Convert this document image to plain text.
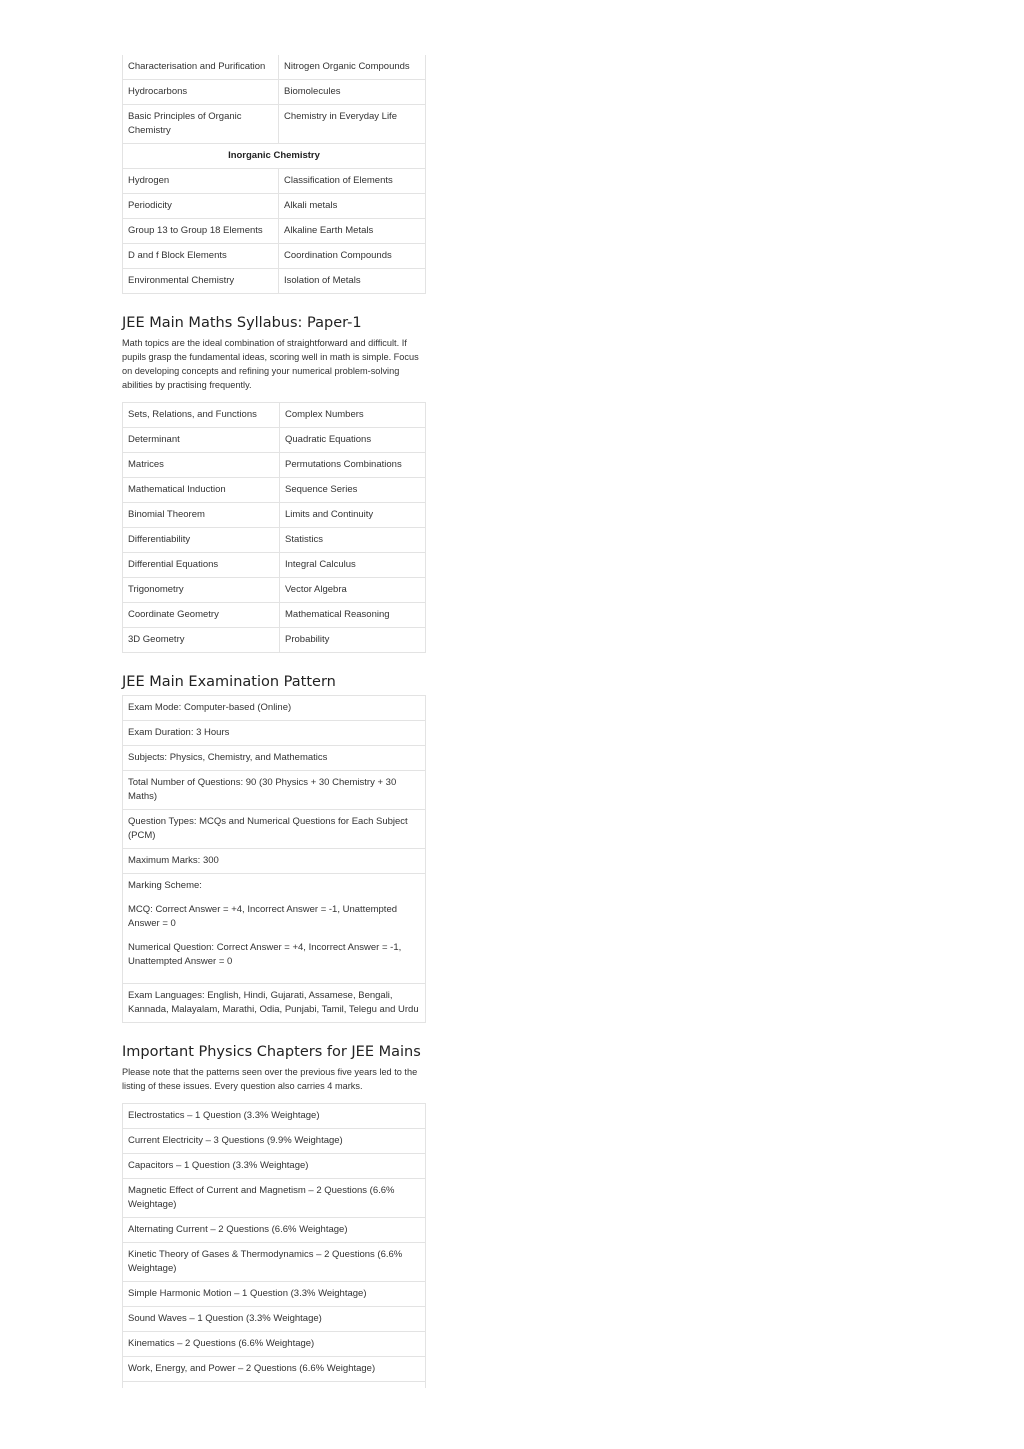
Characterisation and Purification	Nitrogen Organic Compounds
Hydrocarbons	Biomolecules
Basic Principles of Organic Chemistry	Chemistry in Everyday Life
Inorganic Chemistry	
Hydrogen	Classification of Elements
Periodicity	Alkali metals
Group 13 to Group 18 Elements	Alkaline Earth Metals
D and f Block Elements	Coordination Compounds
Environmental Chemistry	Isolation of Metals
JEE Main Maths Syllabus: Paper-1

Math topics are the ideal combination of straightforward and difficult. If pupils grasp the fundamental ideas, scoring well in math is simple. Focus on developing concepts and refining your numerical problem-solving abilities by practising frequently.

Sets, Relations, and Functions	Complex Numbers
Determinant	Quadratic Equations
Matrices	Permutations Combinations
Mathematical Induction	Sequence Series
Binomial Theorem	Limits and Continuity
Differentiability	Statistics
Differential Equations	Integral Calculus
Trigonometry	Vector Algebra
Coordinate Geometry	Mathematical Reasoning
3D Geometry	Probability
JEE Main Examination Pattern
Exam Mode: Computer-based (Online)
Exam Duration: 3 Hours
Subjects: Physics, Chemistry, and Mathematics
Total Number of Questions: 90 (30 Physics + 30 Chemistry + 30 Maths)
Question Types: MCQs and Numerical Questions for Each Subject (PCM)
Maximum Marks: 300

Marking Scheme:

MCQ: Correct Answer = +4, Incorrect Answer = -1, Unattempted Answer = 0

Numerical Question: Correct Answer = +4, Incorrect Answer = -1, Unattempted Answer = 0

Exam Languages: English, Hindi, Gujarati, Assamese, Bengali, Kannada, Malayalam, Marathi, Odia, Punjabi, Tamil, Telegu and Urdu
Important Physics Chapters for JEE Mains

Please note that the patterns seen over the previous five years led to the listing of these issues. Every question also carries 4 marks.

Electrostatics – 1 Question (3.3% Weightage)
Current Electricity – 3 Questions (9.9% Weightage)
Capacitors – 1 Question (3.3% Weightage)
Magnetic Effect of Current and Magnetism – 2 Questions (6.6% Weightage)
Alternating Current – 2 Questions (6.6% Weightage)
Kinetic Theory of Gases & Thermodynamics – 2 Questions (6.6% Weightage)
Simple Harmonic Motion – 1 Question (3.3% Weightage)
Sound Waves – 1 Question (3.3% Weightage)
Kinematics – 2 Questions (6.6% Weightage)
Work, Energy, and Power – 2 Questions (6.6% Weightage)
